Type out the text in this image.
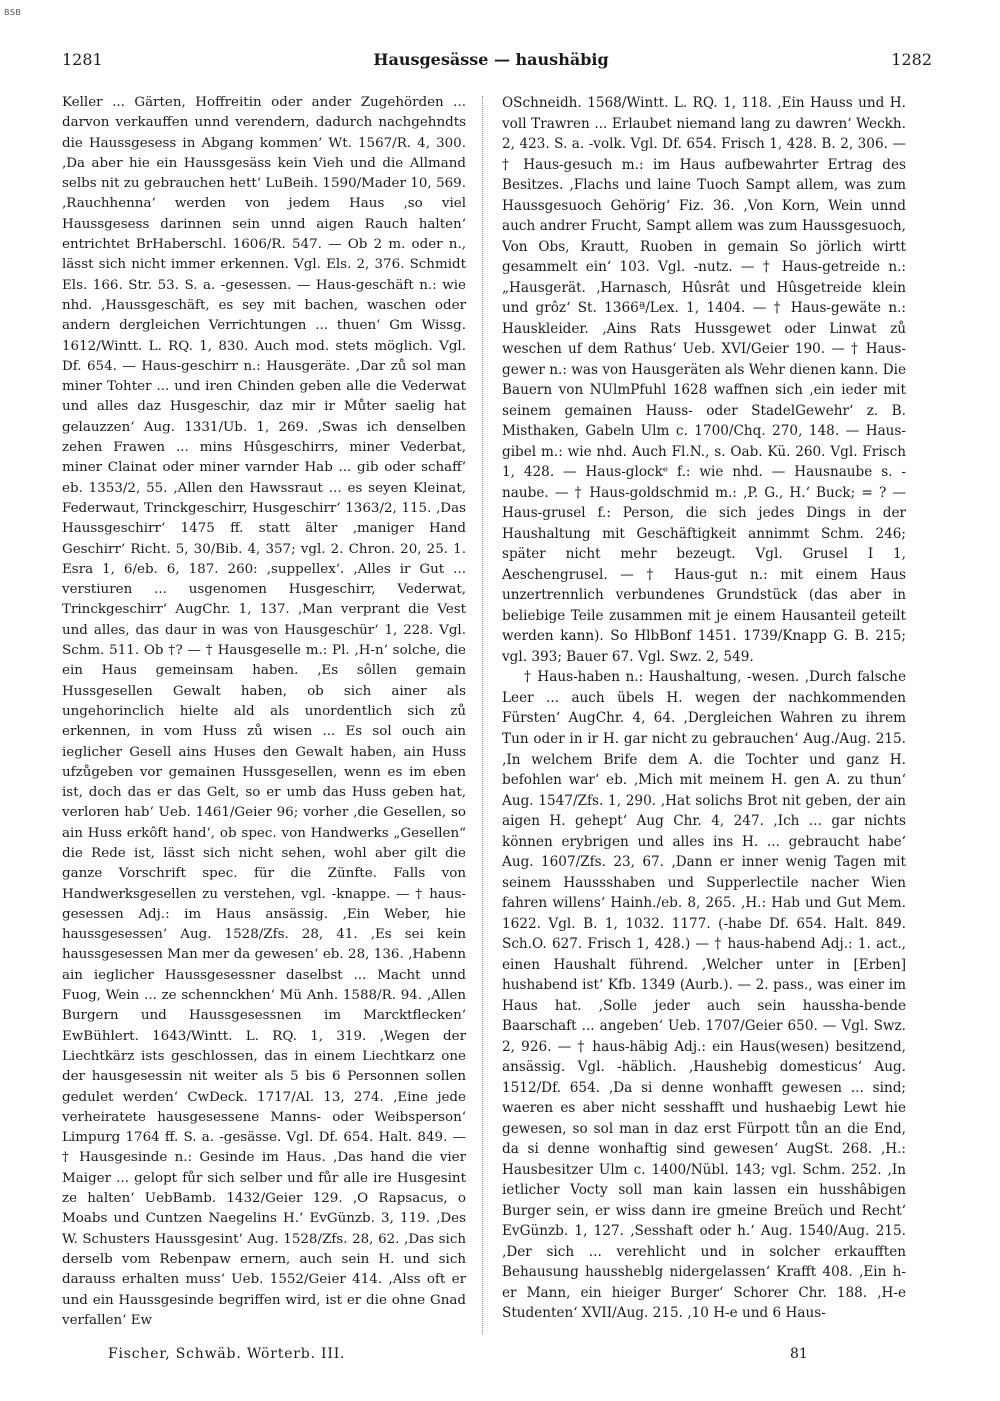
BSB
1281	Hausgesässe — haushäbig	1282

Keller ... Gärten, Hoffreitin oder ander Zugehörden ... darvon verkauffen unnd verendern, dadurch nachgehndts die Haussgesess in Abgang kommen‘ Wt. 1567/R. 4, 300. ‚Da aber hie ein Haussgesäss kein Vieh und die Allmand selbs nit zu gebrauchen hett‘ LuBeih. 1590/Mader 10, 569. ‚Rauchhenna‘ werden von jedem Haus ‚so viel Haussgesess darinnen sein unnd aigen Rauch halten‘ entrichtet BrHaberschl. 1606/R. 547. — Ob 2 m. oder n., lässt sich nicht immer erkennen. Vgl. Els. 2, 376. Schmidt Els. 166. Str. 53. S. a. -gesessen. — Haus-geschäft n.: wie nhd. ‚Haussgeschäft, es sey mit bachen, waschen oder andern dergleichen Verrichtungen ... thuen‘ Gm Wissg. 1612/Wintt. L. RQ. 1, 830. Auch mod. stets möglich. Vgl. Df. 654. — Haus-geschirr n.: Hausgeräte. ‚Dar zů sol man miner Tohter ... und iren Chinden geben alle die Vederwat und alles daz Husgeschir, daz mir ir Můter saelig hat gelauzzen‘ Aug. 1331/Ub. 1, 269. ‚Swas ich denselben zehen Frawen ... mins Hûsgeschirrs, miner Vederbat, miner Clainat oder miner varnder Hab ... gib oder schaff‘ eb. 1353/2, 55. ‚Allen den Hawssraut ... es seyen Kleinat, Federwaut, Trinckgeschirr, Husgeschirr‘ 1363/2, 115. ‚Das Haussgeschirr‘ 1475 ff. statt älter ‚maniger Hand Geschirr‘ Richt. 5, 30/Bib. 4, 357; vgl. 2. Chron. 20, 25. 1. Esra 1, 6/eb. 6, 187. 260: ‚suppellex‘. ‚Alles ir Gut ... verstiuren ... usgenomen Husgeschirr, Vederwat, Trinckgeschirr‘ AugChr. 1, 137. ‚Man verprant die Vest und alles, das daur in was von Hausgeschür‘ 1, 228. Vgl. Schm. 511. Ob †? — † Hausgeselle m.: Pl. ‚H-n‘ solche, die ein Haus gemeinsam haben. ‚Es sôllen gemain Hussgesellen Gewalt haben, ob sich ainer als ungehorinclich hielte ald als unordentlich sich zů erkennen, in vom Huss zů wisen ... Es sol ouch ain iеglicher Gesell ains Huses den Gewalt haben, ain Huss ufzůgeben vor gemainen Hussgesellen, wenn es im eben ist, doch das er das Gelt, so er umb das Huss geben hat, verloren hab‘ Ueb. 1461/Geier 96; vorher ‚die Gesellen, so ain Huss erkôft hand‘, ob spec. von Handwerks „Gesellen“ die Rede ist, lässt sich nicht sehen, wohl aber gilt die ganze Vorschrift spec. für die Zünfte. Falls von Handwerksgesellen zu verstehen, vgl. -knappe. — † haus-gesessen Adj.: im Haus ansässig. ‚Ein Weber, hie haussgesessen‘ Aug. 1528/Zfs. 28, 41. ‚Es sei kein haussgesessen Man mer da gewesen‘ eb. 28, 136. ‚Habenn ain ieglicher Haussgesessner daselbst ... Macht unnd Fuog, Wein ... ze schennckhen‘ Mü Anh. 1588/R. 94. ‚Allen Burgern und Haussgesessnen im Marcktflecken‘ EwBühlert. 1643/Wintt. L. RQ. 1, 319. ‚Wegen der Liechtkärz ists geschlossen, das in einem Liechtkarz one der hausgesessin nit weiter als 5 bis 6 Personnen sollen gedulet werden‘ CwDeck. 1717/Al. 13, 274. ‚Eine jede verheiratete hausgesessene Manns- oder Weibsperson‘ Limpurg 1764 ff. S. a. -gesässe. Vgl. Df. 654. Halt. 849. — † Hausgesinde n.: Gesinde im Haus. ‚Das hand die vier Maiger ... gelopt fůr sich selber und fůr alle ire Husgesint ze halten‘ UebBamb. 1432/Geier 129. ‚O Rapsacus, o Moabs und Cuntzen Naegelins H.‘ EvGünzb. 3, 119. ‚Des W. Schusters Haussgesint‘ Aug. 1528/Zfs. 28, 62. ‚Das sich derselb vom Rebenpaw ernern, auch sein H. und sich darauss erhalten muss‘ Ueb. 1552/Geier 414. ‚Alss oft er und ein Haussgesinde begriffen wird, ist er die ohne Gnad verfallen‘ Ew

OSchneidh. 1568/Wintt. L. RQ. 1, 118. ‚Ein Hauss und H. voll Trawren ... Erlaubet niemand lang zu dawren‘ Weckh. 2, 423. S. a. -volk. Vgl. Df. 654. Frisch 1, 428. B. 2, 306. — † Haus-gesuch m.: im Haus aufbewahrter Ertrag des Besitzes. ‚Flachs und laine Tuoch Sampt allem, was zum Haussgesuoch Gehörig‘ Fiz. 36. ‚Von Korn, Wein unnd auch andrer Frucht, Sampt allem was zum Haussgesuoch, Von Obs, Krautt, Ruoben in gemain So jörlich wirtt gesammelt ein‘ 103. Vgl. -nutz. — † Haus-getreide n.: „Hausgerät. ‚Harnasch, Hûsrât und Hûsgetreide klein und grôz‘ St. 1366ª/Lex. 1, 1404. — † Haus-gewäte n.: Hauskleider. ‚Ains Rats Hussgewet oder Linwat zů weschen uf dem Rathus‘ Ueb. XVI/Geier 190. — † Haus-gewer n.: was von Hausgeräten als Wehr dienen kann. Die Bauern von NUlmPfuhl 1628 waffnen sich ‚ein ieder mit seinem gemainen Hauss- oder StadelGewehr‘ z. B. Misthaken, Gabeln Ulm c. 1700/Chq. 270, 148. — Haus-gibel m.: wie nhd. Auch Fl.N., s. Oab. Kü. 260. Vgl. Frisch 1, 428. — Haus-glockᵉ f.: wie nhd. — Hausnaube s. -naube. — † Haus-goldschmid m.: ‚P. G., H.‘ Buck; = ? — Haus-grusel f.: Person, die sich jedes Dings in der Haushaltung mit Geschäftigkeit annimmt Schm. 246; später nicht mehr bezeugt. Vgl. Grusel I 1, Aeschengrusel. — † Haus-gut n.: mit einem Haus unzertrennlich verbundenes Grundstück (das aber in beliebige Teile zusammen mit je einem Hausanteil geteilt werden kann). So HlbBonf 1451. 1739/Knapp G. B. 215; vgl. 393; Bauer 67. Vgl. Swz. 2, 549.

† Haus-haben n.: Haushaltung, -wesen. ‚Durch falsche Leer ... auch übels H. wegen der nachkommenden Fürsten‘ AugChr. 4, 64. ‚Dergleichen Wahren zu ihrem Tun oder in ir H. gar nicht zu gebrauchen‘ Aug./Aug. 215. ‚In welchem Brife dem A. die Tochter und ganz H. befohlen war‘ eb. ‚Mich mit meinem H. gen A. zu thun‘ Aug. 1547/Zfs. 1, 290. ‚Hat solichs Brot nit geben, der ain aigen H. gehept‘ Aug Chr. 4, 247. ‚Ich ... gar nichts können erybrigen und alles ins H. ... gebraucht habe‘ Aug. 1607/Zfs. 23, 67. ‚Dann er inner wenig Tagen mit seinem Haussshaben und Supperlectile nacher Wien fahren willens‘ Hainh./eb. 8, 265. ‚H.: Hab und Gut Mem. 1622. Vgl. B. 1, 1032. 1177. (-habe Df. 654. Halt. 849. Sch.O. 627. Frisch 1, 428.) — † haus-habend Adj.: 1. act., einen Haushalt führend. ‚Welcher unter in [Erben] hushabend ist‘ Kfb. 1349 (Aurb.). — 2. pass., was einer im Haus hat. ‚Solle jeder auch sein haussha-bende Baarschaft ... angeben‘ Ueb. 1707/Geier 650. — Vgl. Swz. 2, 926. — † haus-häbig Adj.: ein Haus(wesen) besitzend, ansässig. Vgl. -häblich. ‚Haushebig domesticus‘ Aug. 1512/Df. 654. ‚Da si denne wonhafft gewesen ... sind; waeren es aber nicht sesshafft und hushaebig Lewt hie gewesen, so sol man in daz erst Fürpott tůn an die End, da si denne wonhaftig sind gewesen‘ AugSt. 268. ‚H.: Hausbesitzer Ulm c. 1400/Nübl. 143; vgl. Schm. 252. ‚In ietlicher Vocty soll man kain lassen ein husshâbigen Burger sein, er wiss dann ire gmeine Breüch und Recht‘ EvGünzb. 1, 127. ‚Sesshaft oder h.‘ Aug. 1540/Aug. 215. ‚Der sich ... verehlicht und in solcher erkaufften Behausung haussheblg nidergelassen‘ Krafft 408. ‚Ein h-er Mann, ein hieiger Burger‘ Schorer Chr. 188. ‚H-e Studenten‘ XVII/Aug. 215. ‚10 H-e und 6 Haus-

Fischer, Schwäb. Wörterb. III.	81
